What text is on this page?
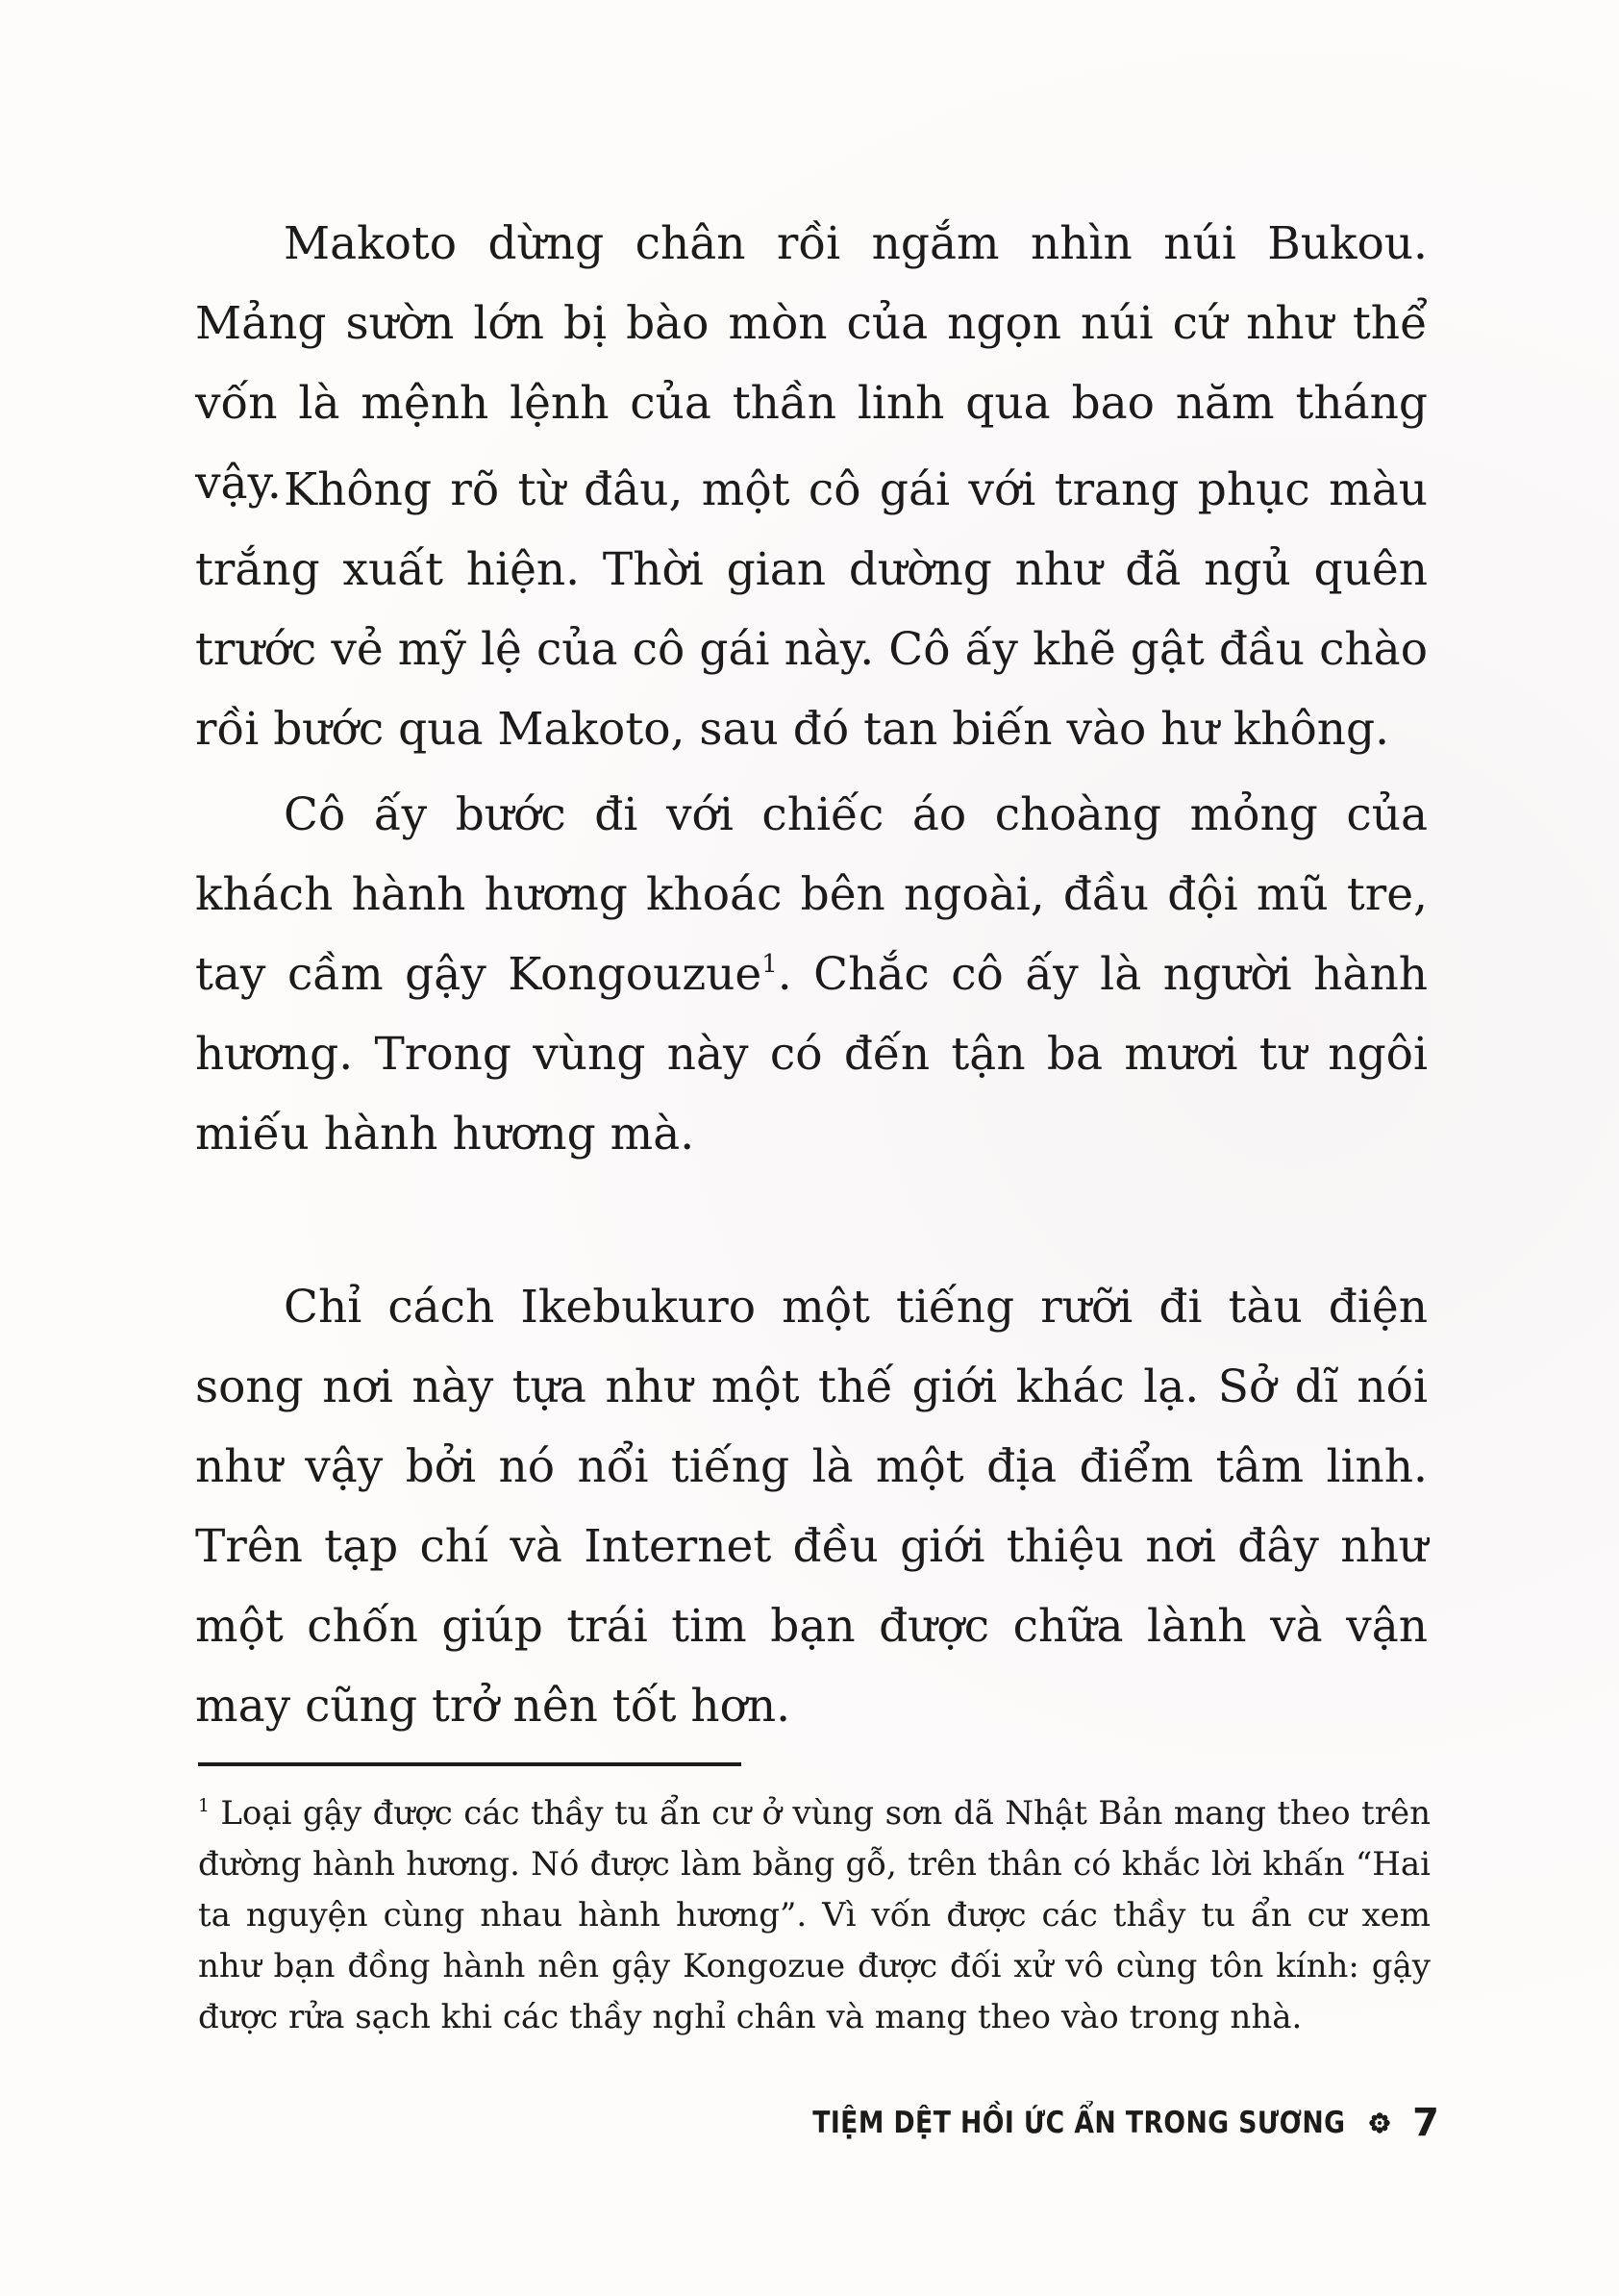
Makoto dừng chân rồi ngắm nhìn núi Bukou. Mảng sườn lớn bị bào mòn của ngọn núi cứ như thể vốn là mệnh lệnh của thần linh qua bao năm tháng vậy. Không rõ từ đâu, một cô gái với trang phục màu trắng xuất hiện. Thời gian dường như đã ngủ quên trước vẻ mỹ lệ của cô gái này. Cô ấy khẽ gật đầu chào rồi bước qua Makoto, sau đó tan biến vào hư không.

Cô ấy bước đi với chiếc áo choàng mỏng của khách hành hương khoác bên ngoài, đầu đội mũ tre, tay cầm gậy Kongouzue$^1$. Chắc cô ấy là người hành hương. Trong vùng này có đến tận ba mươi tư ngôi miếu hành hương mà.

Chỉ cách Ikebukuro một tiếng rưỡi đi tàu điện song nơi này tựa như một thế giới khác lạ. Sở dĩ nói như vậy bởi nó nổi tiếng là một địa điểm tâm linh. Trên tạp chí và Internet đều giới thiệu nơi đây như một chốn giúp trái tim bạn được chữa lành và vận may cũng trở nên tốt hơn.

$^1$ Loại gậy được các thầy tu ẩn cư ở vùng sơn dã Nhật Bản mang theo trên đường hành hương. Nó được làm bằng gỗ, trên thân có khắc lời khấn “Hai ta nguyện cùng nhau hành hương”. Vì vốn được các thầy tu ẩn cư xem như bạn đồng hành nên gậy Kongozue được đối xử vô cùng tôn kính: gậy được rửa sạch khi các thầy nghỉ chân và mang theo vào trong nhà.
TIỆM DỆT HỒI ỨC ẨN TRONG SƯƠNG 7
